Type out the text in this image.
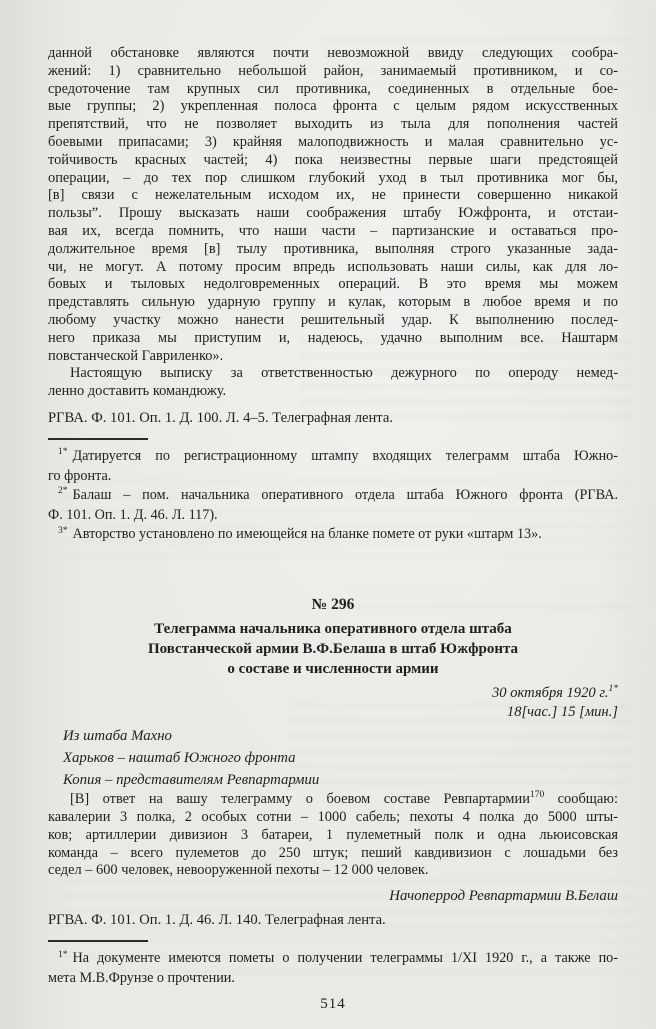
данной обстановке являются почти невозможной ввиду следующих сообра-
жений: 1) сравнительно небольшой район, занимаемый противником, и со-
средоточение там крупных сил противника, соединенных в отдельные бое-
вые группы; 2) укрепленная полоса фронта с целым рядом искусственных
препятствий, что не позволяет выходить из тыла для пополнения частей
боевыми припасами; 3) крайняя малоподвижность и малая сравнительно ус-
тойчивость красных частей; 4) пока неизвестны первые шаги предстоящей
операции, – до тех пор слишком глубокий уход в тыл противника мог бы,
[в] связи с нежелательным исходом их, не принести совершенно никакой
пользы”. Прошу высказать наши соображения штабу Южфронта, и отстаи-
вая их, всегда помнить, что наши части – партизанские и оставаться про-
должительное время [в] тылу противника, выполняя строго указанные зада-
чи, не могут. А потому просим впредь использовать наши силы, как для ло-
бовых и тыловых недолговременных операций. В это время мы можем
представлять сильную ударную группу и кулак, которым в любое время и по
любому участку можно нанести решительный удар. К выполнению послед-
него приказа мы приступим и, надеюсь, удачно выполним все. Наштарм
повстанческой Гавриленко».
Настоящую выписку за ответственностью дежурного по опероду немед-
ленно доставить командюжу.
РГВА. Ф. 101. Оп. 1. Д. 100. Л. 4–5. Телеграфная лента.
$^{1*}$ Датируется по регистрационному штампу входящих телеграмм штаба Южно-
го фронта.
$^{2*}$ Балаш – пом. начальника оперативного отдела штаба Южного фронта (РГВА.
Ф. 101. Оп. 1. Д. 46. Л. 117).
$^{3*}$ Авторство установлено по имеющейся на бланке помете от руки «штарм 13».
№ 296
Телеграмма начальника оперативного отдела штаба
Повстанческой армии В.Ф.Белаша в штаб Южфронта
о составе и численности армии
30 октября 1920 г.$^{1*}$
18[час.] 15 [мин.]
Из штаба Махно
Харьков – наштаб Южного фронта
Копия – представителям Ревпартармии
[В] ответ на вашу телеграмму о боевом составе Ревпартармии$^{170}$ сообщаю:
кавалерии 3 полка, 2 особых сотни – 1000 сабель; пехоты 4 полка до 5000 шты-
ков; артиллерии дивизион 3 батареи, 1 пулеметный полк и одна льюисовская
команда – всего пулеметов до 250 штук; пеший кавдивизион с лошадьми без
седел – 600 человек, невооруженной пехоты – 12 000 человек.
Начоперрод Ревпартармии В.Белаш
РГВА. Ф. 101. Оп. 1. Д. 46. Л. 140. Телеграфная лента.
$^{1*}$ На документе имеются пометы о получении телеграммы 1/XI 1920 г., а также по-
мета М.В.Фрунзе о прочтении.
514
